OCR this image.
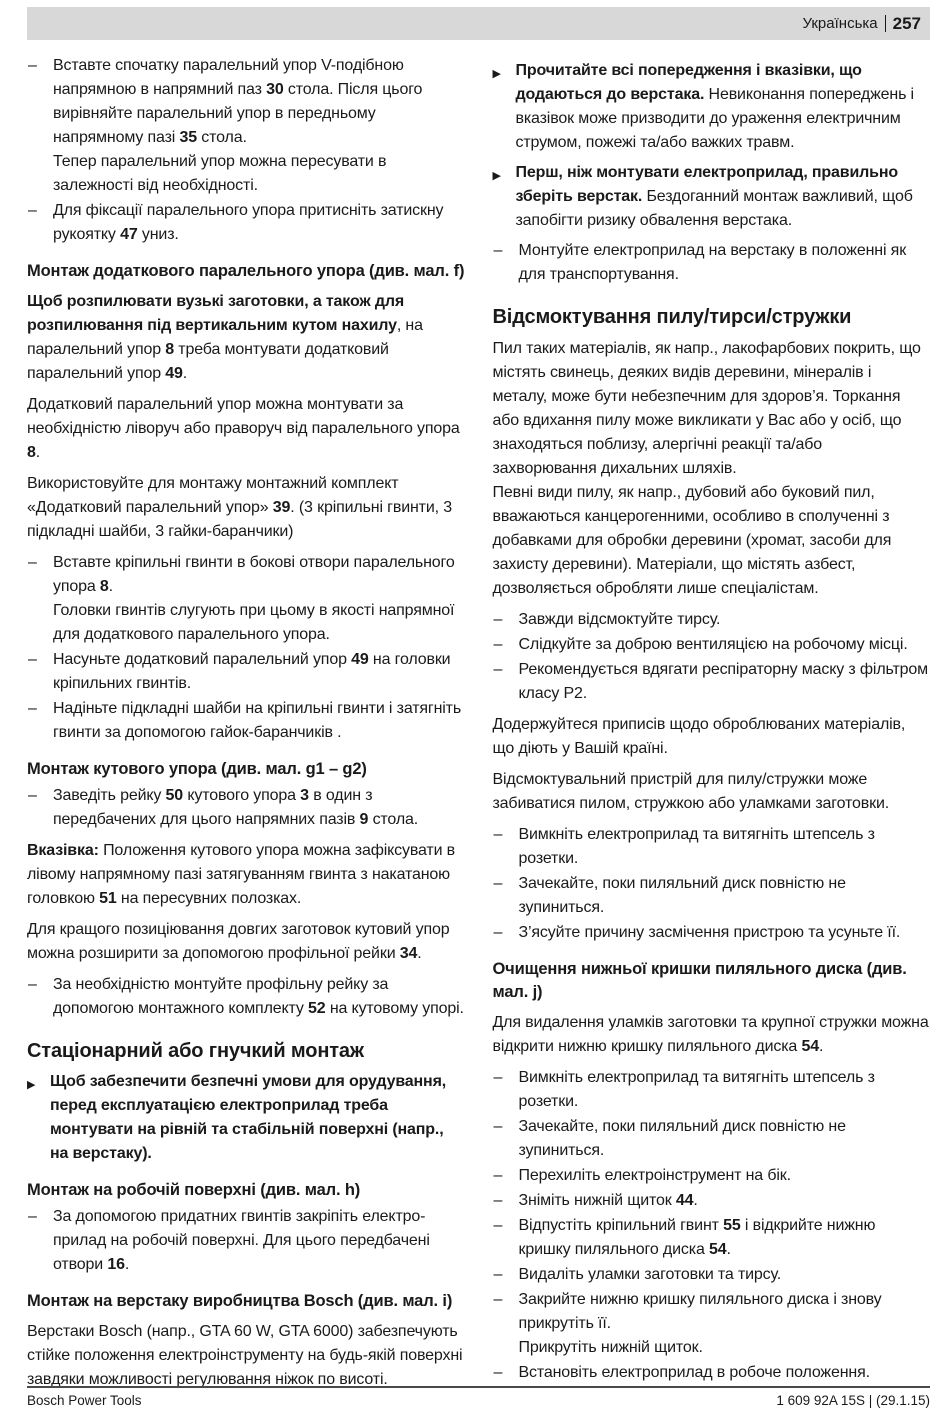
Українська 257
– Вставте спочатку паралельний упор V-подібною напрямною в напрямний паз 30 стола. Після цього вирівняйте паралельний упор в передньому напрямному пазі 35 стола.
Тепер паралельний упор можна пересувати в залежності від необхідності.
– Для фіксації паралельного упора притисніть затискну рукоятку 47 униз.
Монтаж додаткового паралельного упора (див. мал. f)

Щоб розпилювати вузькі заготовки, а також для розпилювання під вертикальним кутом нахилу, на паралельний упор 8 треба монтувати додатковий паралельний упор 49.

Додатковий паралельний упор можна монтувати за необхідністю ліворуч або праворуч від паралельного упора 8.

Використовуйте для монтажу монтажний комплект «Додатковий паралельний упор» 39. (3 кріпильні гвинти, 3 підкладні шайби, 3 гайки-баранчики)

– Вставте кріпильні гвинти в бокові отвори паралельного упора 8.
Головки гвинтів слугують при цьому в якості напрямної для додаткового паралельного упора.
– Насуньте додатковий паралельний упор 49 на головки кріпильних гвинтів.
– Надіньте підкладні шайби на кріпильні гвинти і затягніть гвинти за допомогою гайок-баранчиків .
Монтаж кутового упора (див. мал. g1 – g2)
– Заведіть рейку 50 кутового упора 3 в один з передбачених для цього напрямних пазів 9 стола.

Вказівка: Положення кутового упора можна зафіксувати в лівому напрямному пазі затягуванням гвинта з накатаною головкою 51 на пересувних полозках.

Для кращого позиціювання довгих заготовок кутовий упор можна розширити за допомогою профільної рейки 34.

– За необхідністю монтуйте профільну рейку за допомогою монтажного комплекту 52 на кутовому упорі.
Стаціонарний або гнучкий монтаж
▶ Щоб забезпечити безпечні умови для орудування, перед експлуатацією електроприлад треба монтувати на рівній та стабільній поверхні (напр., на верстаку).
Монтаж на робочій поверхні (див. мал. h)
– За допомогою придатних гвинтів закріпіть електро-прилад на робочій поверхні. Для цього передбачені отвори 16.
Монтаж на верстаку виробництва Bosch (див. мал. i)

Верстаки Bosch (напр., GTA 60 W, GTA 6000) забезпечують стійке положення електроінструменту на будь-якій поверхні завдяки можливості регулювання ніжок по висоті.

▶ Прочитайте всі попередження і вказівки, що додаються до верстака. Невиконання попереджень і вказівок може призводити до ураження електричним струмом, пожежі та/або важких травм.
▶ Перш, ніж монтувати електроприлад, правильно зберіть верстак. Бездоганний монтаж важливий, щоб запобігти ризику обвалення верстака.
– Монтуйте електроприлад на верстаку в положенні як для транспортування.
Відсмоктування пилу/тирси/стружки

Пил таких матеріалів, як напр., лакофарбових покрить, що містять свинець, деяких видів деревини, мінералів і металу, може бути небезпечним для здоров’я. Торкання або вдихання пилу може викликати у Вас або у осіб, що знаходяться поблизу, алергічні реакції та/або захворювання дихальних шляхів.
Певні види пилу, як напр., дубовий або буковий пил, вважаються канцерогенними, особливо в сполученні з добавками для обробки деревини (хромат, засоби для захисту деревини). Матеріали, що містять азбест, дозволяється обробляти лише спеціалістам.

– Завжди відсмоктуйте тирсу.
– Слідкуйте за доброю вентиляцією на робочому місці.
– Рекомендується вдягати респіраторну маску з фільтром класу P2.

Додержуйтеся приписів щодо оброблюваних матеріалів, що діють у Вашій країні.

Відсмоктувальний пристрій для пилу/стружки може забиватися пилом, стружкою або уламками заготовки.

– Вимкніть електроприлад та витягніть штепсель з розетки.
– Зачекайте, поки пиляльний диск повністю не зупиниться.
– З’ясуйте причину засмічення пристрою та усуньте її.
Очищення нижньої кришки пиляльного диска (див. мал. j)

Для видалення уламків заготовки та крупної стружки можна відкрити нижню кришку пиляльного диска 54.

– Вимкніть електроприлад та витягніть штепсель з розетки.
– Зачекайте, поки пиляльний диск повністю не зупиниться.
– Перехиліть електроінструмент на бік.
– Зніміть нижній щиток 44.
– Відпустіть кріпильний гвинт 55 і відкрийте нижню кришку пиляльного диска 54.
– Видаліть уламки заготовки та тирсу.
– Закрийте нижню кришку пиляльного диска і знову прикрутіть її.
Прикрутіть нижній щиток.
– Встановіть електроприлад в робоче положення.
Bosch Power Tools	1 609 92A 15S | (29.1.15)
